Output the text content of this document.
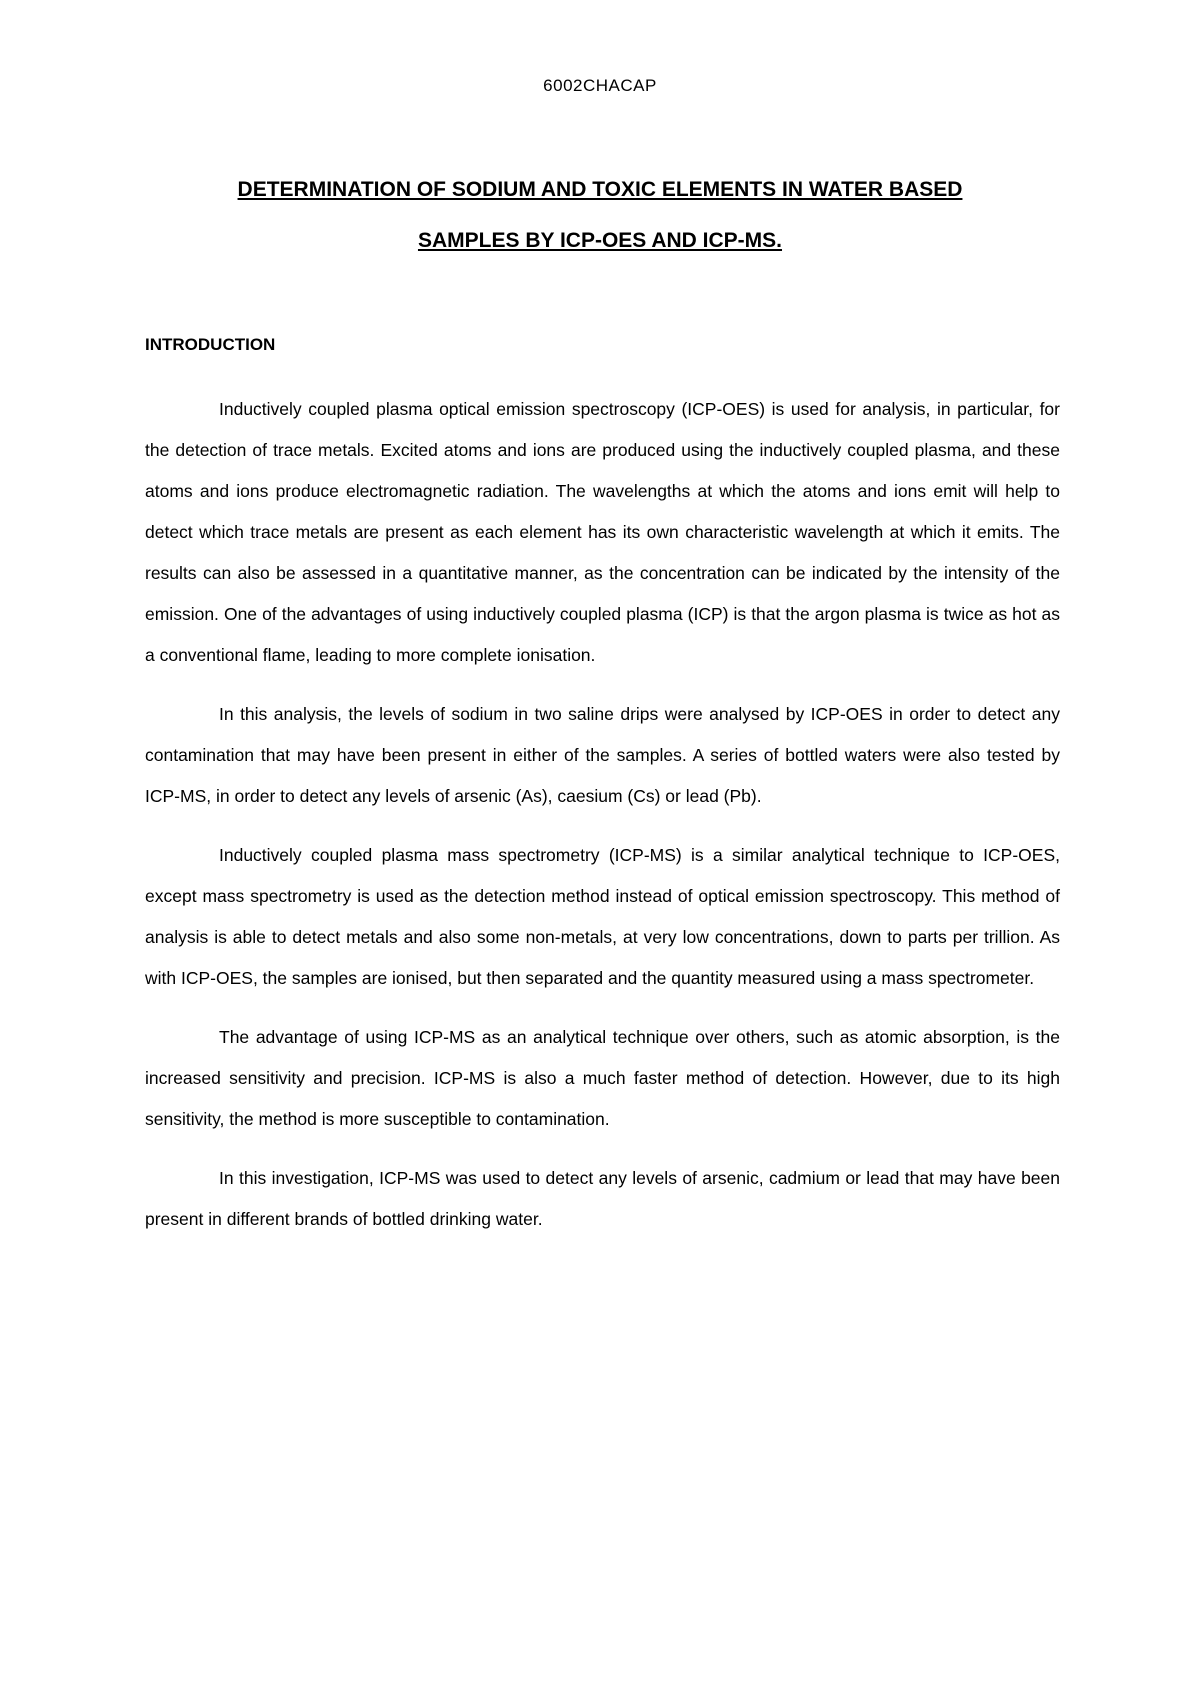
6002CHACAP
DETERMINATION OF SODIUM AND TOXIC ELEMENTS IN WATER BASED
SAMPLES BY ICP-OES AND ICP-MS.
INTRODUCTION

Inductively coupled plasma optical emission spectroscopy (ICP-OES) is used for analysis, in particular, for the detection of trace metals. Excited atoms and ions are produced using the inductively coupled plasma, and these atoms and ions produce electromagnetic radiation. The wavelengths at which the atoms and ions emit will help to detect which trace metals are present as each element has its own characteristic wavelength at which it emits. The results can also be assessed in a quantitative manner, as the concentration can be indicated by the intensity of the emission. One of the advantages of using inductively coupled plasma (ICP) is that the argon plasma is twice as hot as a conventional flame, leading to more complete ionisation.

In this analysis, the levels of sodium in two saline drips were analysed by ICP-OES in order to detect any contamination that may have been present in either of the samples. A series of bottled waters were also tested by ICP-MS, in order to detect any levels of arsenic (As), caesium (Cs) or lead (Pb).

Inductively coupled plasma mass spectrometry (ICP-MS) is a similar analytical technique to ICP-OES, except mass spectrometry is used as the detection method instead of optical emission spectroscopy. This method of analysis is able to detect metals and also some non-metals, at very low concentrations, down to parts per trillion. As with ICP-OES, the samples are ionised, but then separated and the quantity measured using a mass spectrometer.

The advantage of using ICP-MS as an analytical technique over others, such as atomic absorption, is the increased sensitivity and precision. ICP-MS is also a much faster method of detection. However, due to its high sensitivity, the method is more susceptible to contamination.

In this investigation, ICP-MS was used to detect any levels of arsenic, cadmium or lead that may have been present in different brands of bottled drinking water.
